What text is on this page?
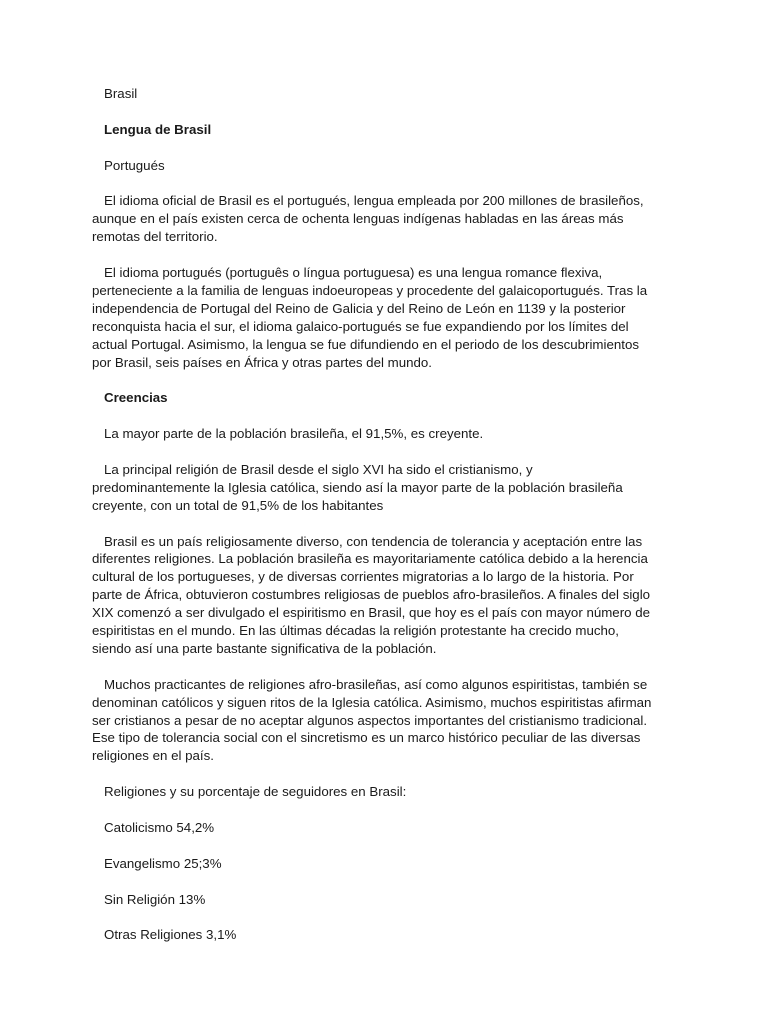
Brasil

Lengua de Brasil

Portugués

El idioma oficial de Brasil es el portugués, lengua empleada por 200 millones de brasileños, aunque en el país existen cerca de ochenta lenguas indígenas habladas en las áreas más remotas del territorio.

El idioma portugués (português o língua portuguesa) es una lengua romance flexiva, perteneciente a la familia de lenguas indoeuropeas y procedente del galaicoportugués. Tras la independencia de Portugal del Reino de Galicia y del Reino de León en 1139 y la posterior reconquista hacia el sur, el idioma galaico-portugués se fue expandiendo por los límites del actual Portugal. Asimismo, la lengua se fue difundiendo en el periodo de los descubrimientos por Brasil, seis países en África y otras partes del mundo.

Creencias

La mayor parte de la población brasileña, el 91,5%, es creyente.

La principal religión de Brasil desde el siglo XVI ha sido el cristianismo, y predominantemente la Iglesia católica, siendo así la mayor parte de la población brasileña creyente, con un total de 91,5% de los habitantes

Brasil es un país religiosamente diverso, con tendencia de tolerancia y aceptación entre las diferentes religiones. La población brasileña es mayoritariamente católica debido a la herencia cultural de los portugueses, y de diversas corrientes migratorias a lo largo de la historia. Por parte de África, obtuvieron costumbres religiosas de pueblos afro-brasileños. A finales del siglo XIX comenzó a ser divulgado el espiritismo en Brasil, que hoy es el país con mayor número de espiritistas en el mundo. En las últimas décadas la religión protestante ha crecido mucho, siendo así una parte bastante significativa de la población.

Muchos practicantes de religiones afro-brasileñas, así como algunos espiritistas, también se denominan católicos y siguen ritos de la Iglesia católica. Asimismo, muchos espiritistas afirman ser cristianos a pesar de no aceptar algunos aspectos importantes del cristianismo tradicional. Ese tipo de tolerancia social con el sincretismo es un marco histórico peculiar de las diversas religiones en el país.

Religiones y su porcentaje de seguidores en Brasil:

Catolicismo 54,2%

Evangelismo 25;3%

Sin Religión 13%

Otras Religiones 3,1%
